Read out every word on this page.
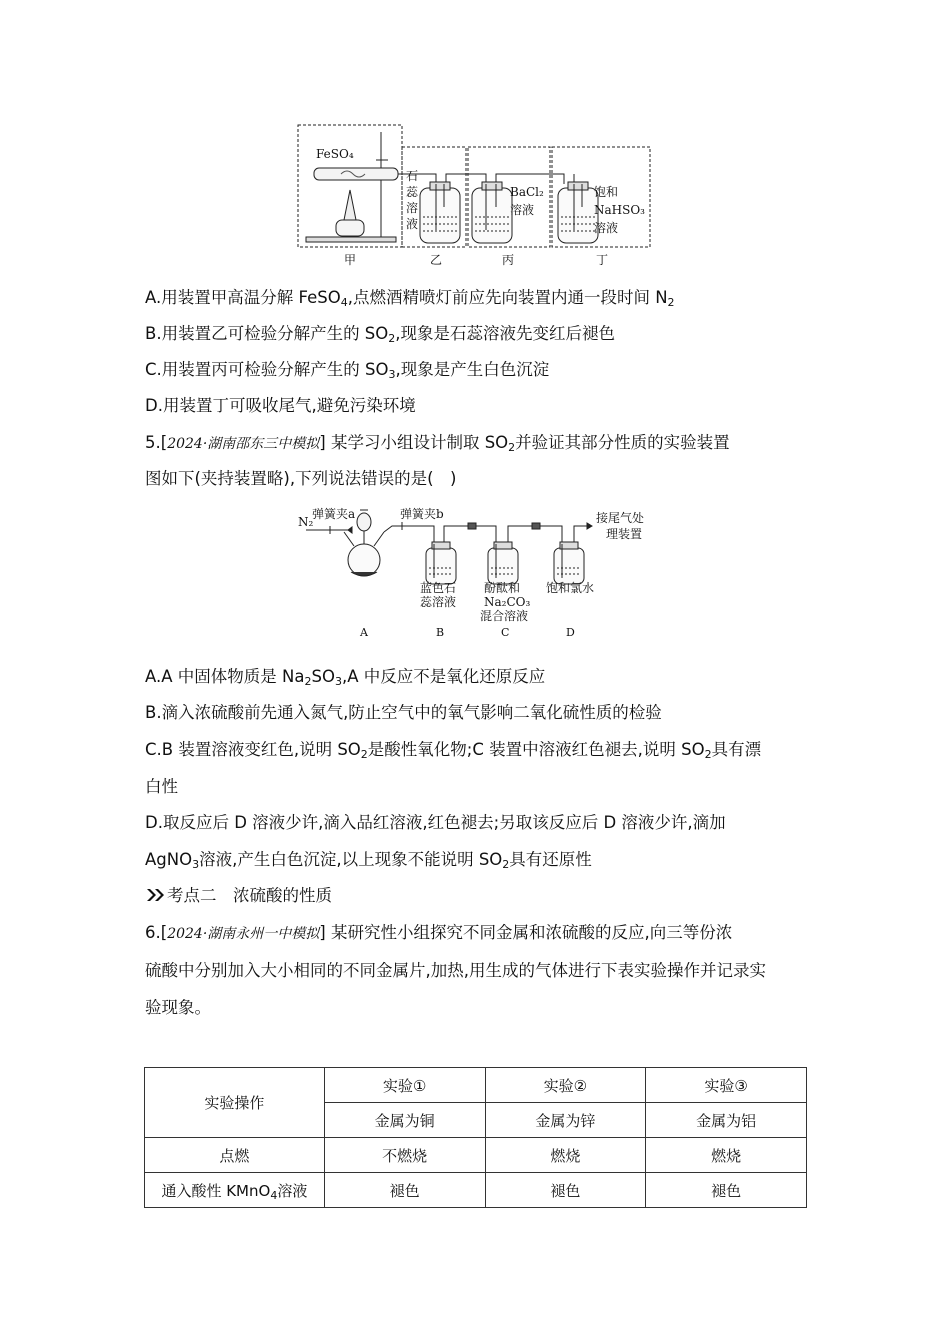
FeSO₄
石
蕊
溶
液
BaCl₂
溶液
饱和
NaHSO₃
溶液
甲	乙	丙	丁
A.用装置甲高温分解 FeSO$_4$,点燃酒精喷灯前应先向装置内通一段时间 $N_2$
B.用装置乙可检验分解产生的 $SO_2$,现象是石蕊溶液先变红后褪色
C.用装置丙可检验分解产生的 $SO_3$,现象是产生白色沉淀
D.用装置丁可吸收尾气,避免污染环境
5.[2024·湖南邵东三中模拟] 某学习小组设计制取 $SO_2$并验证其部分性质的实验装置
图如下(夹持装置略),下列说法错误的是(　)
N₂
弹簧夹a	弹簧夹b	接尾气处
理装置
蓝色石
蕊溶液
酚酞和
Na₂CO₃
混合溶液
饱和氯水
A	B	C	D
A.A 中固体物质是 $Na_2SO_3,A$ 中反应不是氧化还原反应
B.滴入浓硫酸前先通入氮气,防止空气中的氧气影响二氧化硫性质的检验
C.B 装置溶液变红色,说明 $SO_2$是酸性氧化物;C 装置中溶液红色褪去,说明 $SO_2$具有漂
白性
D.取反应后 D 溶液少许,滴入品红溶液,红色褪去;另取该反应后 D 溶液少许,滴加
AgNO$_3$溶液,产生白色沉淀,以上现象不能说明 $SO_2$具有还原性
考点二　浓硫酸的性质
6.[2024·湖南永州一中模拟] 某研究性小组探究不同金属和浓硫酸的反应,向三等份浓
硫酸中分别加入大小相同的不同金属片,加热,用生成的气体进行下表实验操作并记录实
验现象。
实验操作	实验①	实验②	实验③
	金属为铜	金属为锌	金属为铝
点燃	不燃烧	燃烧	燃烧
通入酸性 KMnO$_4$溶液	褪色	褪色	褪色
